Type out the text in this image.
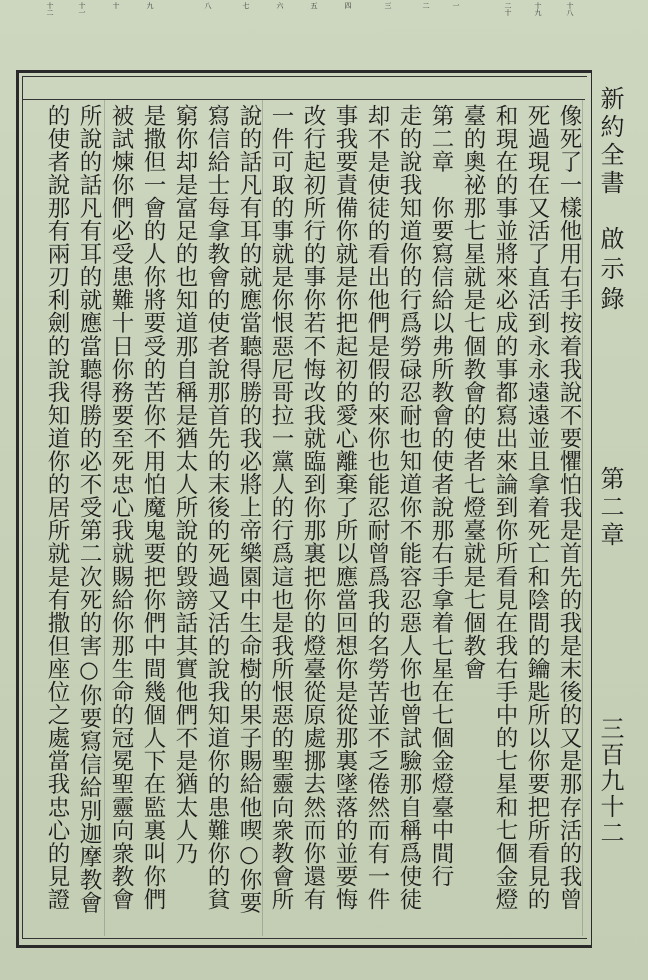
十二	十一	十	九	八	七	六	五	四	三	二	一	二十	十九	十八
像死了一樣他用右手按着我說不要懼怕我是首先的我是末後的又是那存活的我曾
死過現在又活了直活到永永遠遠並且拿着死亡和陰間的鑰匙所以你要把所看見的
和現在的事並將來必成的事都寫出來論到你所看見在我右手中的七星和七個金燈
臺的奧祕那七星就是七個教會的使者七燈臺就是七個教會
第二章　你要寫信給以弗所教會的使者說那右手拿着七星在七個金燈臺中間行
走的說我知道你的行爲勞碌忍耐也知道你不能容忍惡人你也曾試驗那自稱爲使徒
却不是使徒的看出他們是假的來你也能忍耐曾爲我的名勞苦並不乏倦然而有一件
事我要責備你就是你把起初的愛心離棄了所以應當回想你是從那裏墜落的並要悔
改行起初所行的事你若不悔改我就臨到你那裏把你的燈臺從原處挪去然而你還有
一件可取的事就是你恨惡尼哥拉一黨人的行爲這也是我所恨惡的聖靈向衆教會所
說的話凡有耳的就應當聽得勝的我必將上帝樂園中生命樹的果子賜給他喫○你要
寫信給士每拿教會的使者說那首先的末後的死過又活的說我知道你的患難你的貧
窮你却是富足的也知道那自稱是猶太人所說的毀謗話其實他們不是猶太人乃
是撒但一會的人你將要受的苦你不用怕魔鬼要把你們中間幾個人下在監裏叫你們
被試煉你們必受患難十日你務要至死忠心我就賜給你那生命的冠冕聖靈向衆教會
所說的話凡有耳的就應當聽得勝的必不受第二次死的害○你要寫信給別迦摩教會
的使者說那有兩刃利劍的說我知道你的居所就是有撒但座位之處當我忠心的見證	新約全書
啟示錄
第二章
三百九十二
